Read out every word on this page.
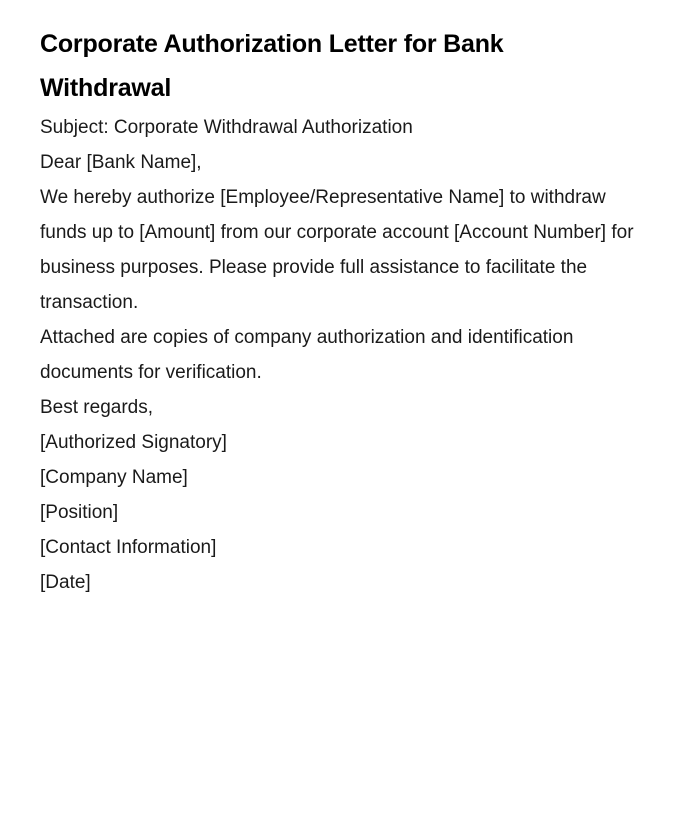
Corporate Authorization Letter for Bank Withdrawal

Subject: Corporate Withdrawal Authorization

Dear [Bank Name],

We hereby authorize [Employee/Representative Name] to withdraw funds up to [Amount] from our corporate account [Account Number] for business purposes. Please provide full assistance to facilitate the transaction.

Attached are copies of company authorization and identification documents for verification.

Best regards,

[Authorized Signatory]

[Company Name]

[Position]

[Contact Information]

[Date]
